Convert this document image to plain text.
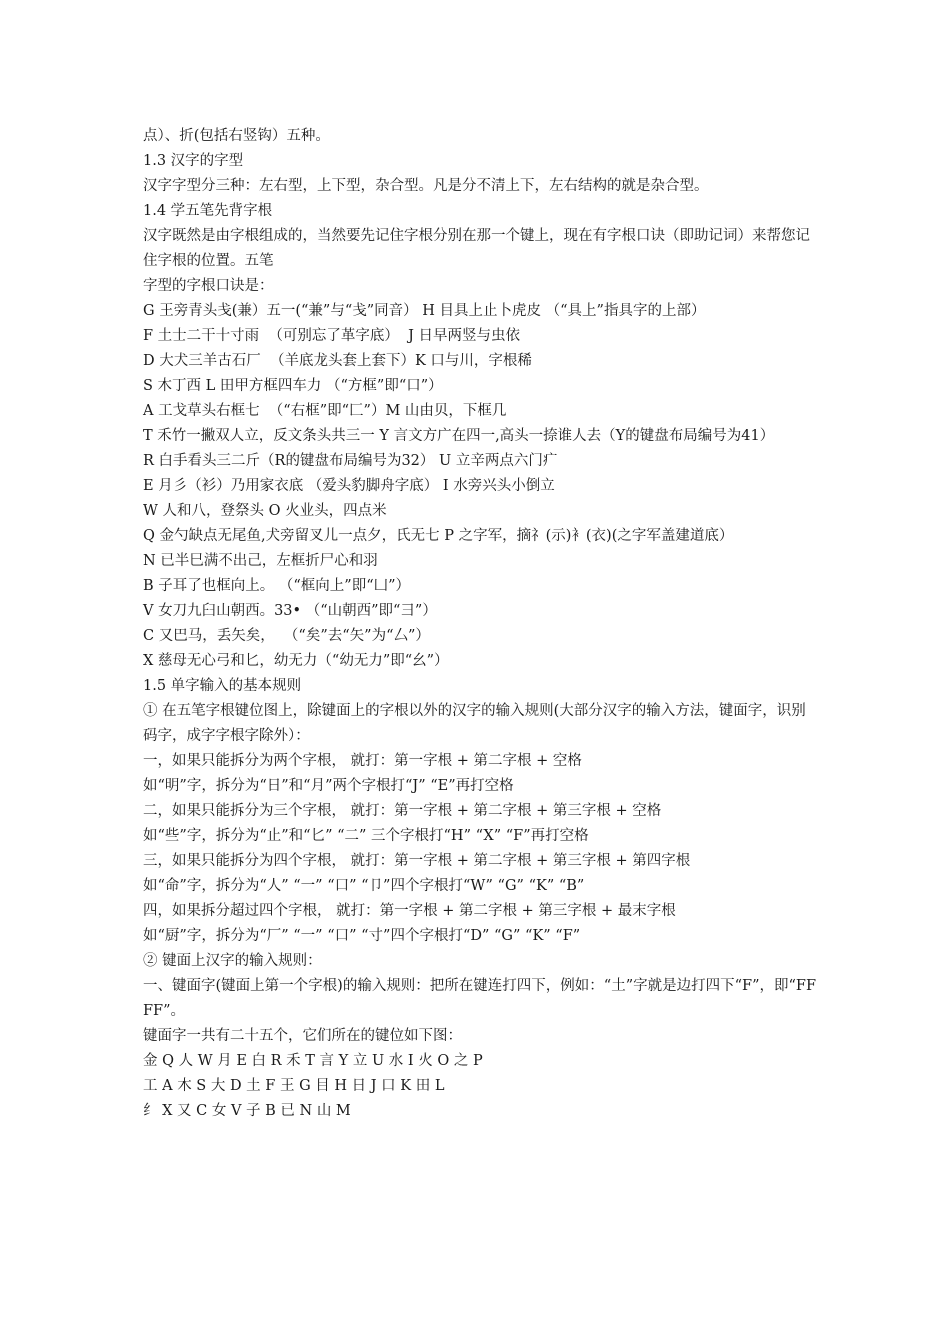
点）、折(包括右竖钩）五种。

1.3 汉字的字型

汉字字型分三种：左右型，上下型，杂合型。凡是分不清上下，左右结构的就是杂合型。

1.4 学五笔先背字根

汉字既然是由字根组成的，当然要先记住字根分别在那一个键上，现在有字根口诀（即助记词）来帮您记住字根的位置。五笔

字型的字根口诀是：

G 王旁青头戋(兼）五一(“兼”与“戋”同音） H 目具上止卜虎皮 （“具上”指具字的上部）

F 土士二干十寸雨  （可别忘了革字底）  J 日早两竖与虫依

D 大犬三羊古石厂  （羊底龙头套上套下）K 口与川，字根稀

S 木丁西 L 田甲方框四车力 （“方框”即“口”）

A 工戈草头右框七  （“右框”即“匚”）M 山由贝，下框几

T 禾竹一撇双人立，反文条头共三一 Y 言文方广在四一,高头一捺谁人去（Y的键盘布局编号为41）

R 白手看头三二斤（R的键盘布局编号为32） U 立辛两点六门疒

E 月彡（衫）乃用家衣底 （爱头豹脚舟字底） I 水旁兴头小倒立

W 人和八，登祭头 O 火业头，四点米

Q 金勺缺点无尾鱼,犬旁留叉儿一点夕，氏无七 P 之字军，摘礻(示)衤(衣)(之字军盖建道底）

N 已半巳满不出己，左框折尸心和羽

B 子耳了也框向上。 （“框向上”即“凵”）

V 女刀九臼山朝西。33• （“山朝西”即“彐”）

C 又巴马，丢矢矣，  （“矣”去“矢”为“厶”）

X 慈母无心弓和匕，幼无力（“幼无力”即“幺”）

1.5 单字输入的基本规则

① 在五笔字根键位图上，除键面上的字根以外的汉字的输入规则(大部分汉字的输入方法，键面字，识别码字，成字字根字除外）：

一，如果只能拆分为两个字根， 就打：第一字根 + 第二字根 + 空格

如“明”字，拆分为“日”和“月”两个字根打“J” “E”再打空格

二，如果只能拆分为三个字根， 就打：第一字根 + 第二字根 + 第三字根 + 空格

如“些”字，拆分为“止”和“匕” “二” 三个字根打“H” “X” “F”再打空格

三，如果只能拆分为四个字根， 就打：第一字根 + 第二字根 + 第三字根 + 第四字根

如“命”字，拆分为“人” “一” “口” “卩”四个字根打“W” “G” “K” “B”

四，如果拆分超过四个字根， 就打：第一字根 + 第二字根 + 第三字根 + 最末字根

如“厨”字，拆分为“厂” “一” “口” “寸”四个字根打“D” “G” “K” “F”

② 键面上汉字的输入规则：

一、键面字(键面上第一个字根)的输入规则：把所在键连打四下，例如：“土”字就是边打四下“F”，即“FFFF”。

键面字一共有二十五个，它们所在的键位如下图：

金 Q 人 W 月 E 白 R 禾 T 言 Y 立 U 水 I 火 O 之 P

工 A 木 S 大 D 土 F 王 G 目 H 日 J 口 K 田 L

纟 X 又 C 女 V 子 B 已 N 山 M
